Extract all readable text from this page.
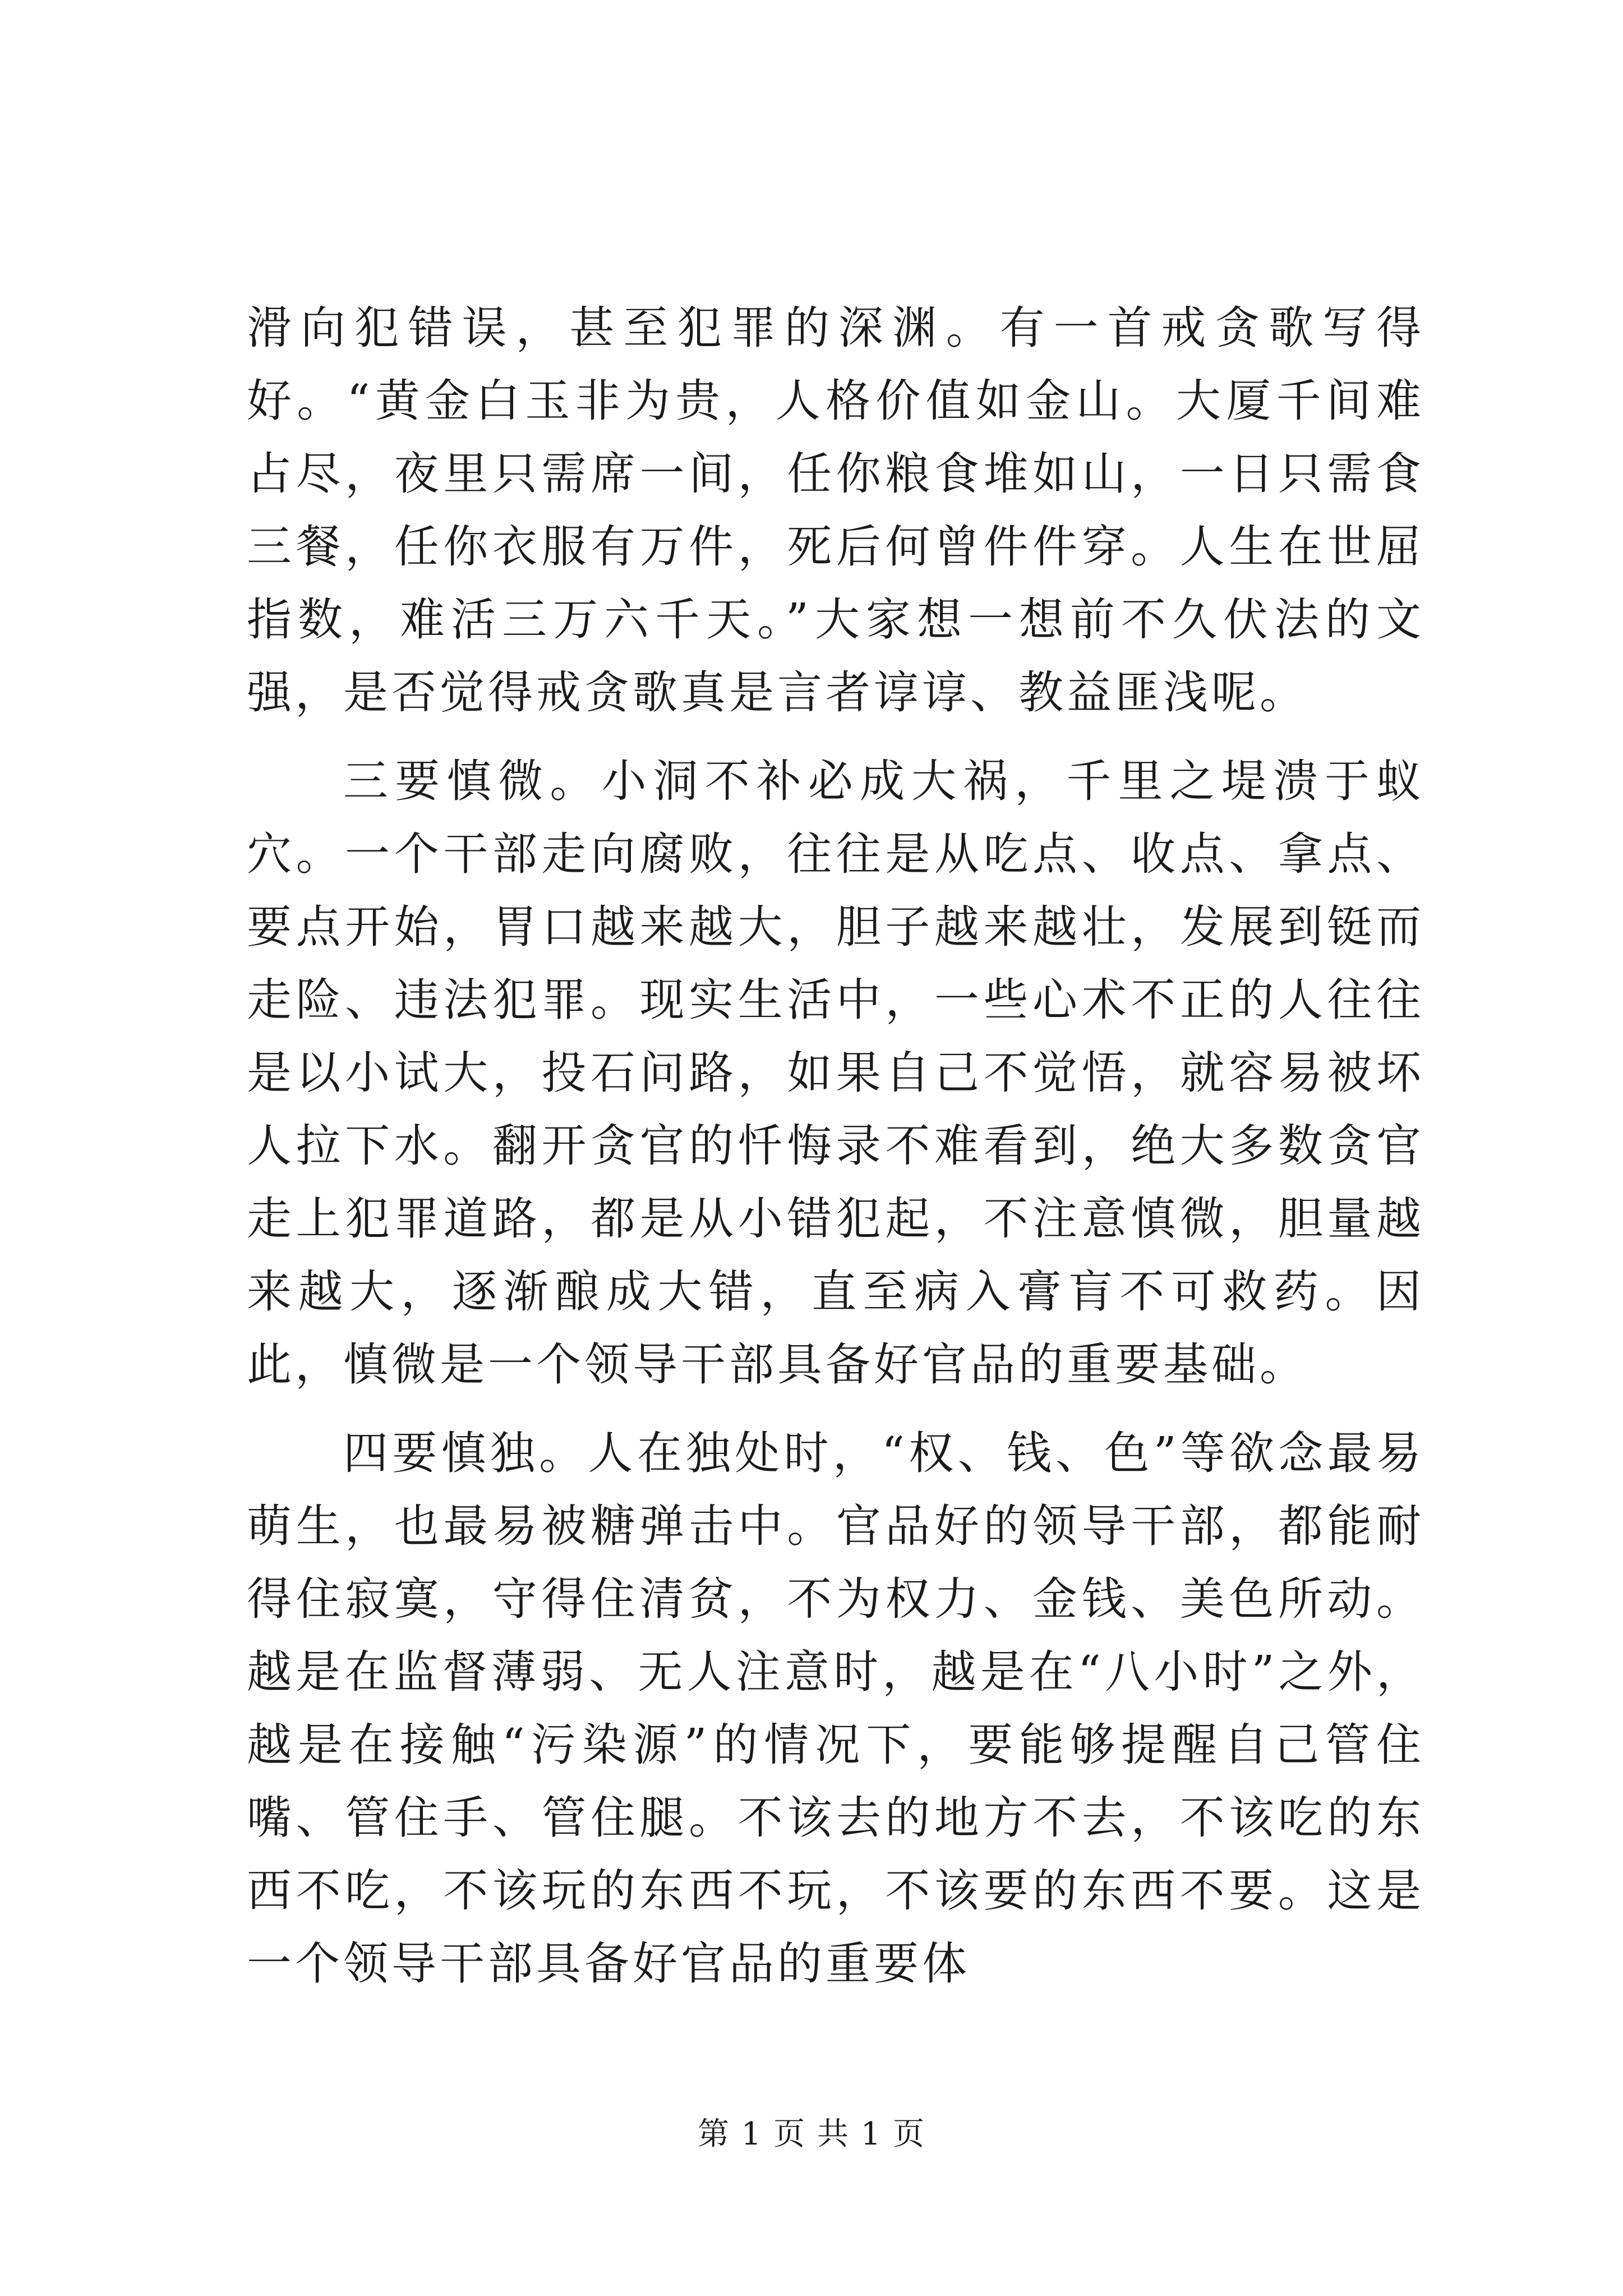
滑向犯错误，甚至犯罪的深渊。有一首戒贪歌写得好。“黄金白玉非为贵，人格价值如金山。大厦千间难占尽，夜里只需席一间，任你粮食堆如山，一日只需食三餐，任你衣服有万件，死后何曾件件穿。人生在世屈指数，难活三万六千天。”大家想一想前不久伏法的文强，是否觉得戒贪歌真是言者谆谆、教益匪浅呢。

三要慎微。小洞不补必成大祸，千里之堤溃于蚁穴。一个干部走向腐败，往往是从吃点、收点、拿点、要点开始，胃口越来越大，胆子越来越壮，发展到铤而走险、违法犯罪。现实生活中，一些心术不正的人往往是以小试大，投石问路，如果自己不觉悟，就容易被坏人拉下水。翻开贪官的忏悔录不难看到，绝大多数贪官走上犯罪道路，都是从小错犯起，不注意慎微，胆量越来越大，逐渐酿成大错，直至病入膏肓不可救药。因此，慎微是一个领导干部具备好官品的重要基础。

四要慎独。人在独处时，“权、钱、色”等欲念最易萌生，也最易被糖弹击中。官品好的领导干部，都能耐得住寂寞，守得住清贫，不为权力、金钱、美色所动。越是在监督薄弱、无人注意时，越是在“八小时”之外，越是在接触“污染源”的情况下，要能够提醒自己管住嘴、管住手、管住腿。不该去的地方不去，不该吃的东西不吃，不该玩的东西不玩，不该要的东西不要。这是一个领导干部具备好官品的重要体

第 1 页 共 1 页
